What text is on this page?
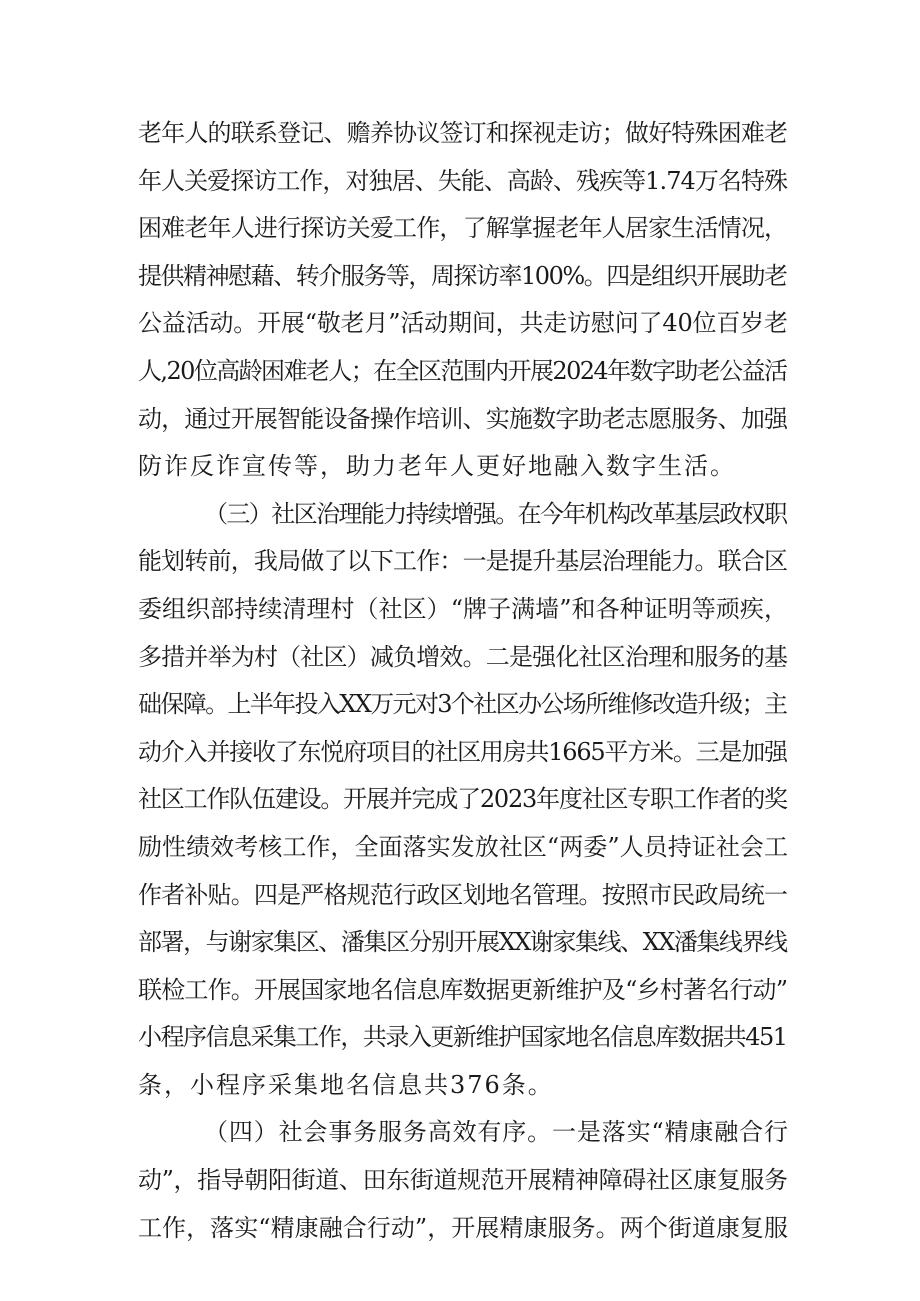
老年人的联系登记、赡养协议签订和探视走访；做好特殊困难老
年人关爱探访工作，对独居、失能、高龄、残疾等1.74万名特殊
困难老年人进行探访关爱工作，了解掌握老年人居家生活情况，
提供精神慰藉、转介服务等，周探访率100%。四是组织开展助老
公益活动。开展“敬老月”活动期间，共走访慰问了40位百岁老
人,20位高龄困难老人；在全区范围内开展2024年数字助老公益活
动，通过开展智能设备操作培训、实施数字助老志愿服务、加强
防诈反诈宣传等，助力老年人更好地融入数字生活。
（三）社区治理能力持续增强。在今年机构改革基层政权职
能划转前，我局做了以下工作：一是提升基层治理能力。联合区
委组织部持续清理村（社区）“牌子满墙”和各种证明等顽疾，
多措并举为村（社区）减负增效。二是强化社区治理和服务的基
础保障。上半年投入XX万元对3个社区办公场所维修改造升级；主
动介入并接收了东悦府项目的社区用房共1665平方米。三是加强
社区工作队伍建设。开展并完成了2023年度社区专职工作者的奖
励性绩效考核工作，全面落实发放社区“两委”人员持证社会工
作者补贴。四是严格规范行政区划地名管理。按照市民政局统一
部署，与谢家集区、潘集区分别开展XX谢家集线、XX潘集线界线
联检工作。开展国家地名信息库数据更新维护及“乡村著名行动”
小程序信息采集工作，共录入更新维护国家地名信息库数据共451
条，小程序采集地名信息共376条。
（四）社会事务服务高效有序。一是落实“精康融合行
动”，指导朝阳街道、田东街道规范开展精神障碍社区康复服务
工作，落实“精康融合行动”，开展精康服务。两个街道康复服
